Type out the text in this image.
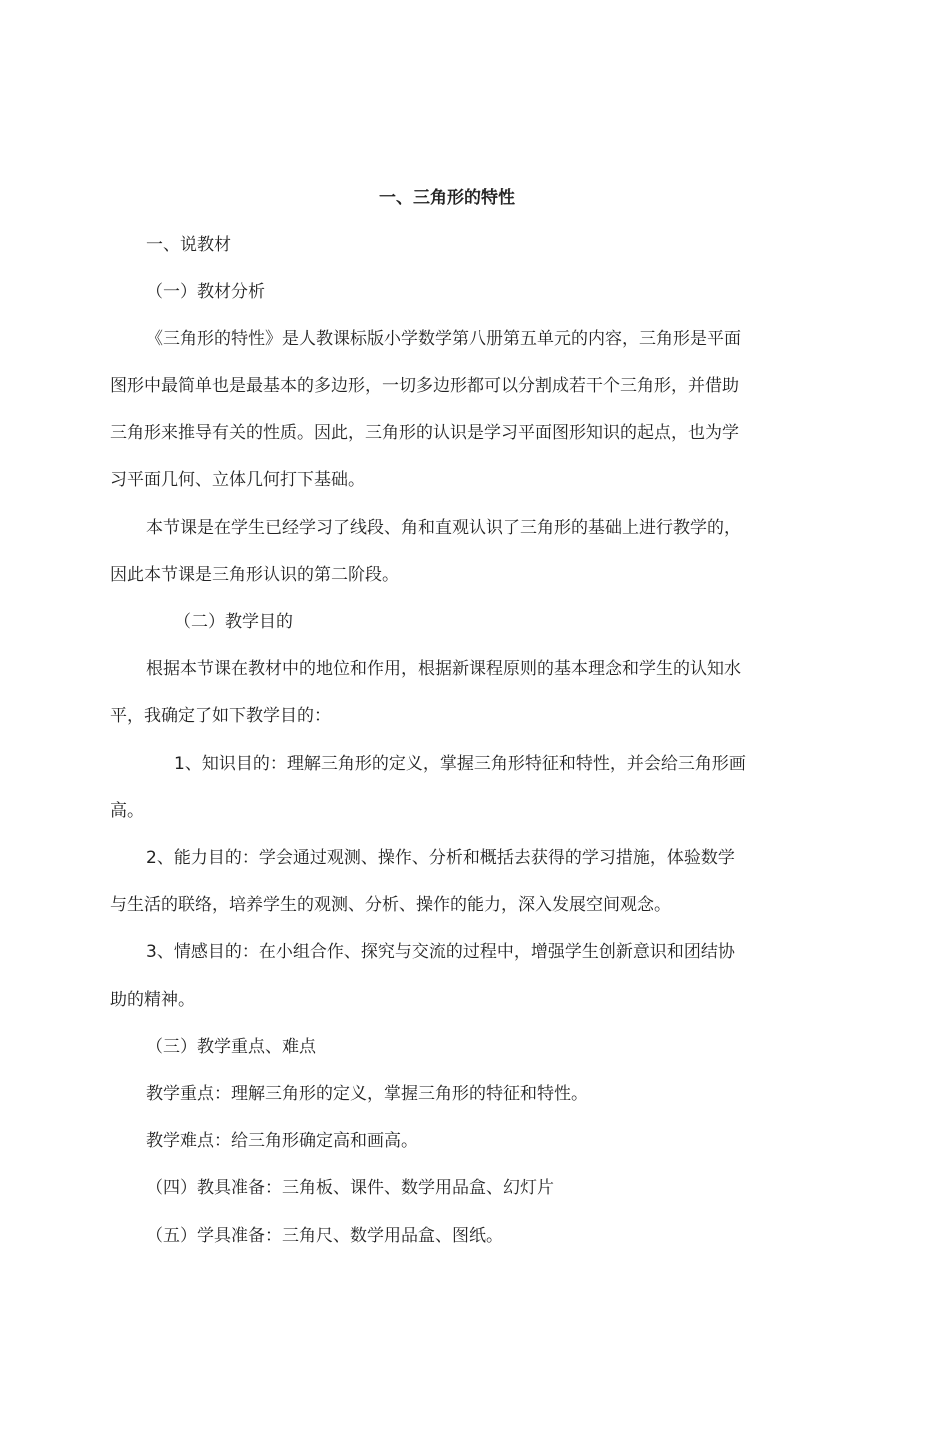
一、三角形的特性
一、说教材
（一）教材分析
《三角形的特性》是人教课标版小学数学第八册第五单元的内容，三角形是平面
图形中最简单也是最基本的多边形，一切多边形都可以分割成若干个三角形，并借助
三角形来推导有关的性质。因此，三角形的认识是学习平面图形知识的起点，也为学
习平面几何、立体几何打下基础。
本节课是在学生已经学习了线段、角和直观认识了三角形的基础上进行教学的，
因此本节课是三角形认识的第二阶段。
（二）教学目的
根据本节课在教材中的地位和作用，根据新课程原则的基本理念和学生的认知水
平，我确定了如下教学目的：
1、知识目的：理解三角形的定义，掌握三角形特征和特性，并会给三角形画
高。
2、能力目的：学会通过观测、操作、分析和概括去获得的学习措施，体验数学
与生活的联络，培养学生的观测、分析、操作的能力，深入发展空间观念。
3、情感目的：在小组合作、探究与交流的过程中，增强学生创新意识和团结协
助的精神。
（三）教学重点、难点
教学重点：理解三角形的定义，掌握三角形的特征和特性。
教学难点：给三角形确定高和画高。
（四）教具准备：三角板、课件、数学用品盒、幻灯片
（五）学具准备：三角尺、数学用品盒、图纸。
